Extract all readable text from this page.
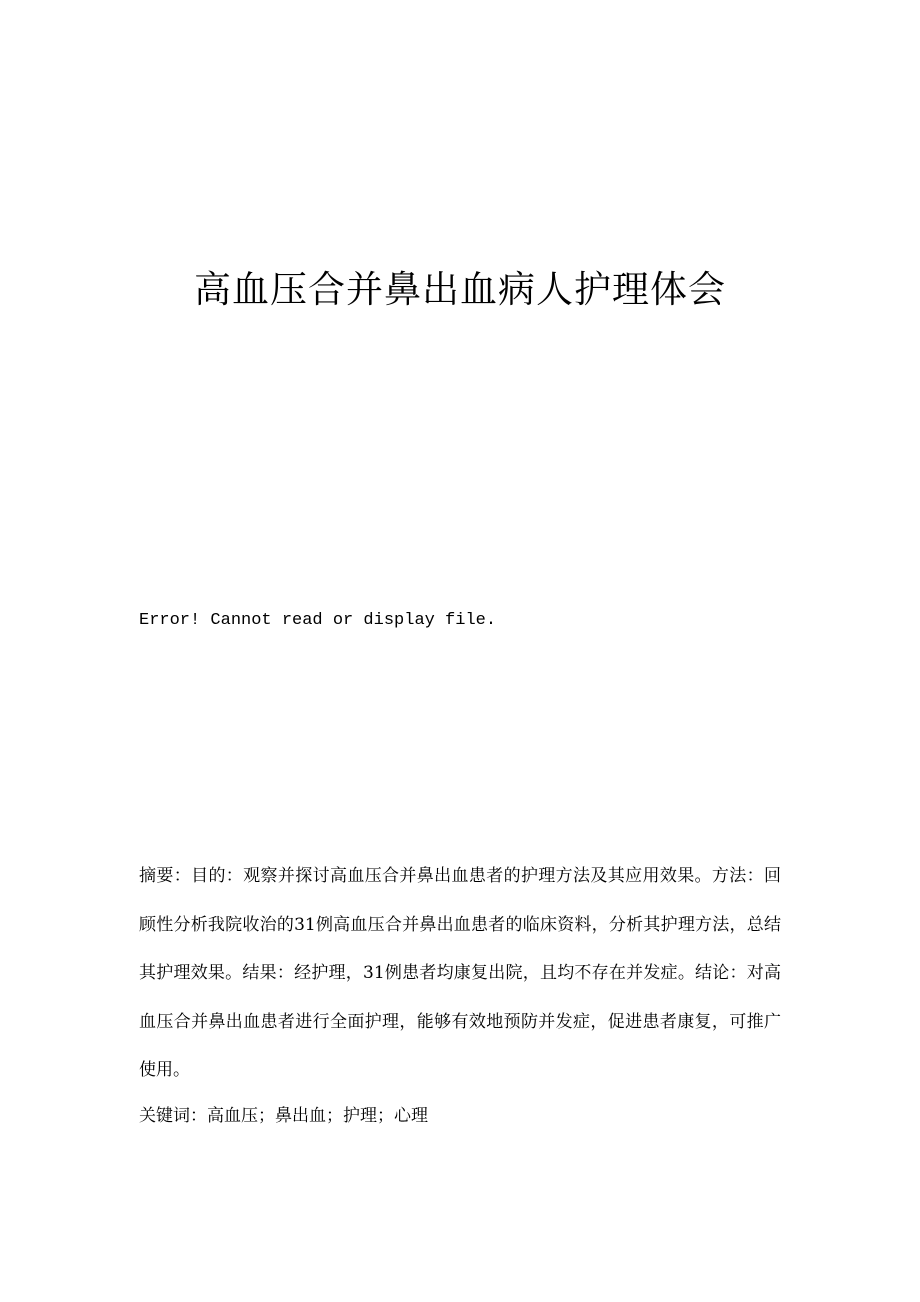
高血压合并鼻出血病人护理体会

Error! Cannot read or display file.

摘要：目的：观察并探讨高血压合并鼻出血患者的护理方法及其应用效果。方法：回顾性分析我院收治的31例高血压合并鼻出血患者的临床资料，分析其护理方法，总结其护理效果。结果：经护理，31例患者均康复出院，且均不存在并发症。结论：对高血压合并鼻出血患者进行全面护理，能够有效地预防并发症，促进患者康复，可推广使用。

关键词：高血压；鼻出血；护理；心理
